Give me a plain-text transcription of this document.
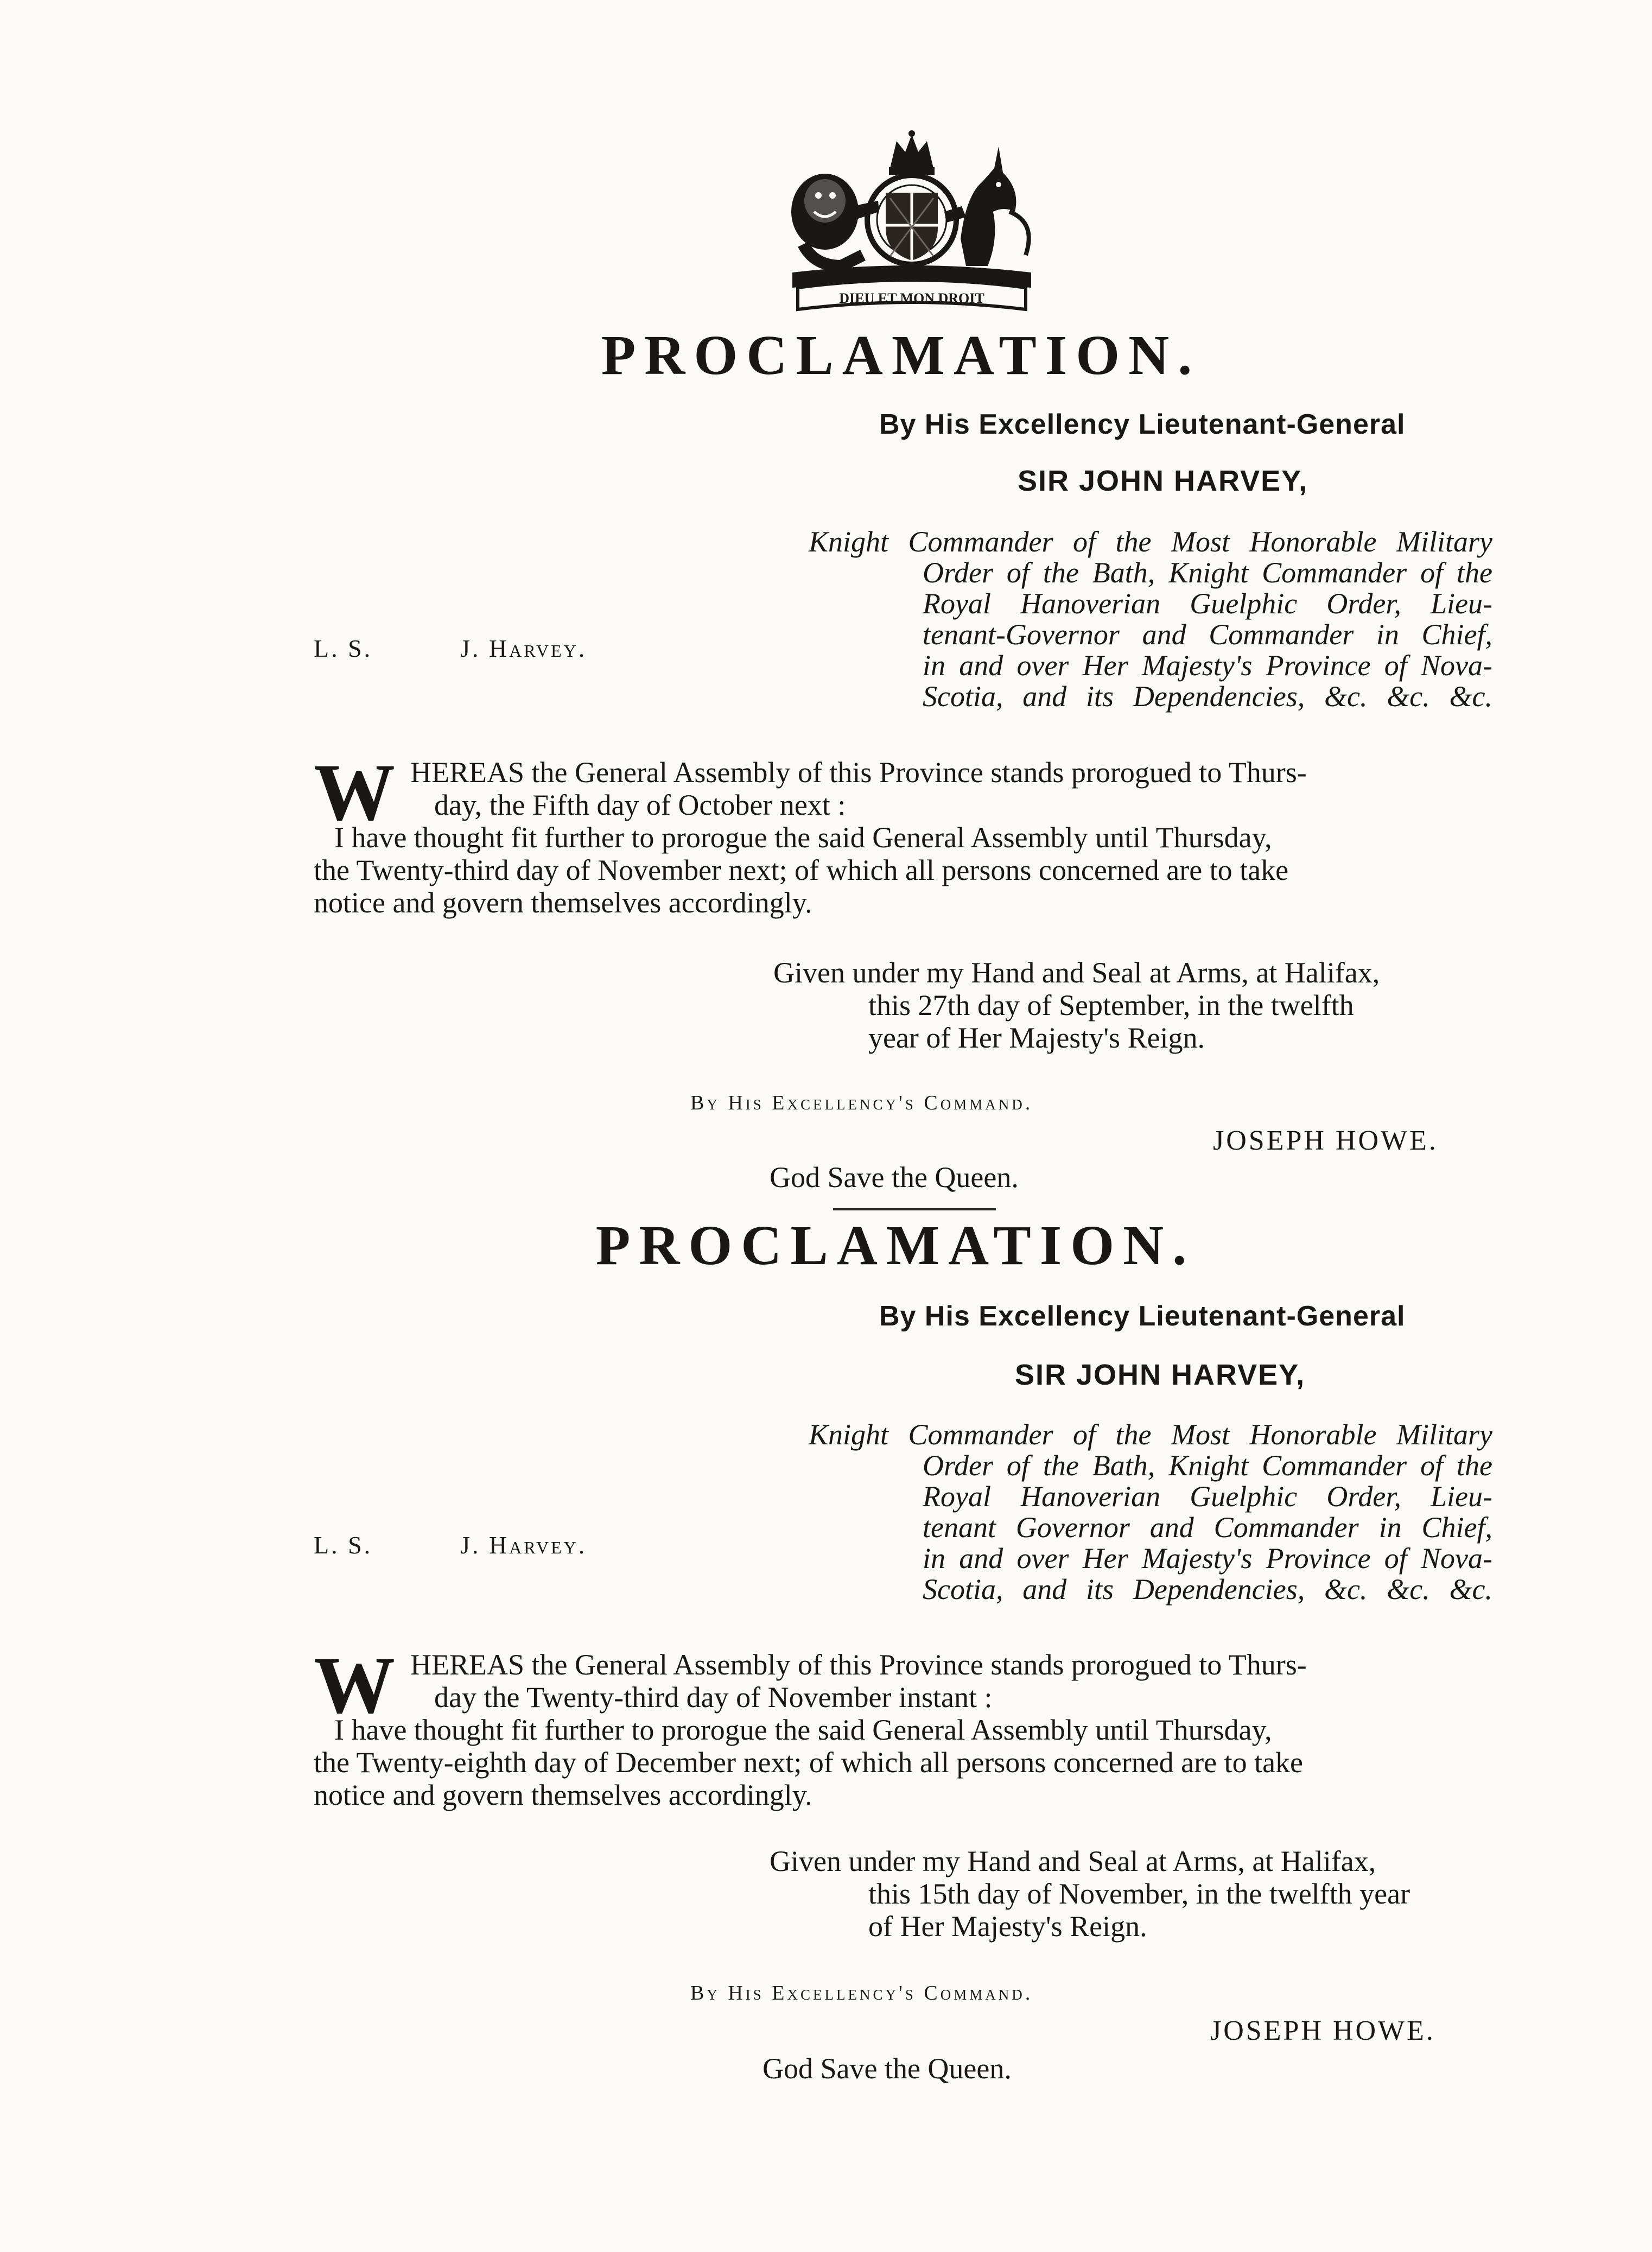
DIEU ET MON DROIT
PROCLAMATION.
By His Excellency Lieutenant-General
SIR JOHN HARVEY,
Knight Commander of the Most Honorable Military
Order of the Bath, Knight Commander of the
Royal Hanoverian Guelphic Order, Lieu-
tenant-Governor and Commander in Chief,
in and over Her Majesty's Province of Nova-
Scotia, and its Dependencies, &c. &c. &c.
L. S.	J. Harvey.
W HEREAS the General Assembly of this Province stands prorogued to Thurs-
day, the Fifth day of October next :
I have thought fit further to prorogue the said General Assembly until Thursday,
the Twenty-third day of November next; of which all persons concerned are to take
notice and govern themselves accordingly.
Given under my Hand and Seal at Arms, at Halifax,
this 27th day of September, in the twelfth
year of Her Majesty's Reign.
By His Excellency's Command.
JOSEPH HOWE.
God Save the Queen.
PROCLAMATION.
By His Excellency Lieutenant-General
SIR JOHN HARVEY,
Knight Commander of the Most Honorable Military
Order of the Bath, Knight Commander of the
Royal Hanoverian Guelphic Order, Lieu-
tenant Governor and Commander in Chief,
in and over Her Majesty's Province of Nova-
Scotia, and its Dependencies, &c. &c. &c.
L. S.	J. Harvey.
W HEREAS the General Assembly of this Province stands prorogued to Thurs-
day the Twenty-third day of November instant :
I have thought fit further to prorogue the said General Assembly until Thursday,
the Twenty-eighth day of December next; of which all persons concerned are to take
notice and govern themselves accordingly.
Given under my Hand and Seal at Arms, at Halifax,
this 15th day of November, in the twelfth year
of Her Majesty's Reign.
By His Excellency's Command.
JOSEPH HOWE.
God Save the Queen.
